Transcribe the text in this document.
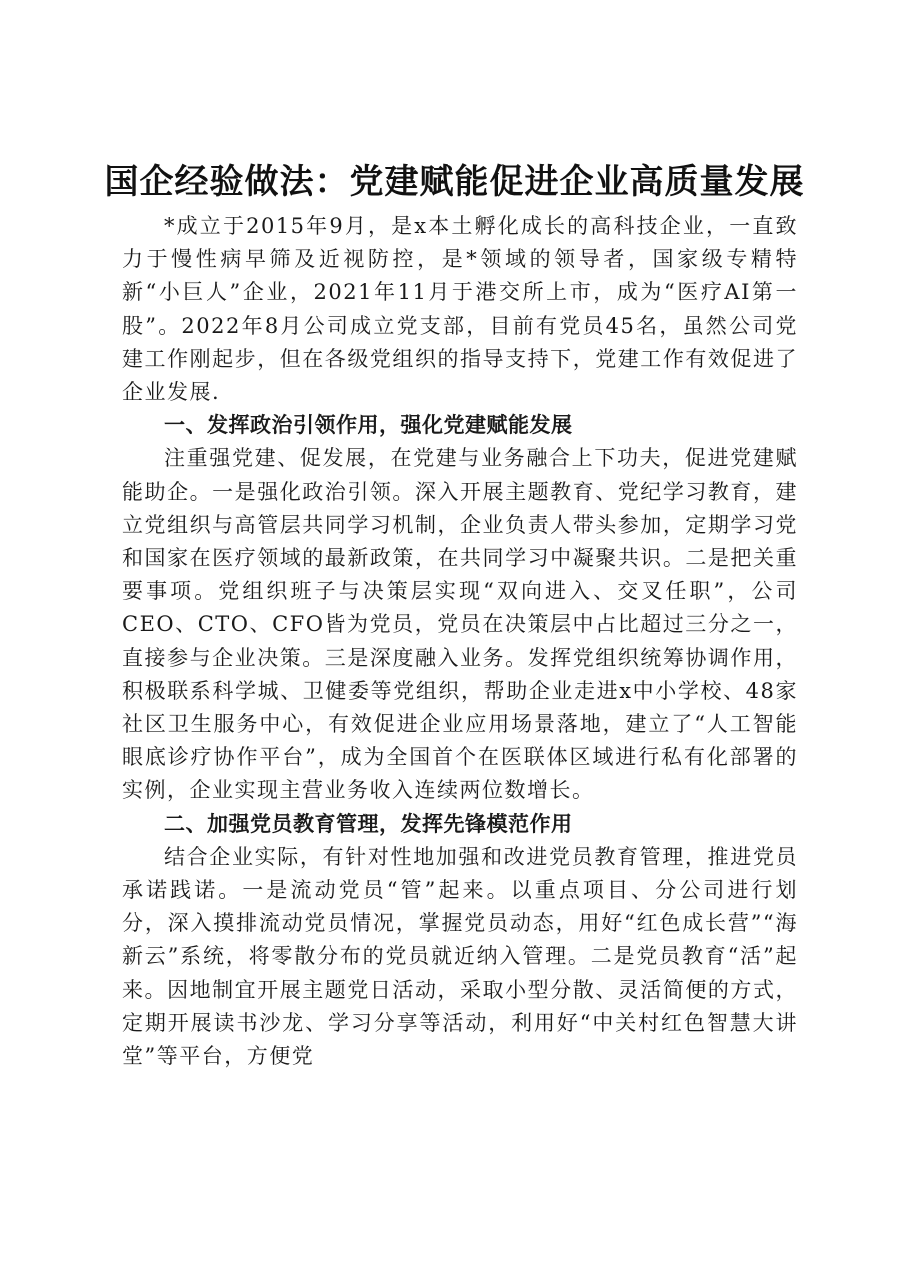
国企经验做法：党建赋能促进企业高质量发展

*成立于2015年9月，是x本土孵化成长的高科技企业，一直致力于慢性病早筛及近视防控，是*领域的领导者，国家级专精特新“小巨人”企业，2021年11月于港交所上市，成为“医疗AI第一股”。2022年8月公司成立党支部，目前有党员45名，虽然公司党建工作刚起步，但在各级党组织的指导支持下，党建工作有效促进了企业发展.

一、发挥政治引领作用，强化党建赋能发展

注重强党建、促发展，在党建与业务融合上下功夫，促进党建赋能助企。一是强化政治引领。深入开展主题教育、党纪学习教育，建立党组织与高管层共同学习机制，企业负责人带头参加，定期学习党和国家在医疗领域的最新政策，在共同学习中凝聚共识。二是把关重要事项。党组织班子与决策层实现“双向进入、交叉任职”，公司CEO、CTO、CFO皆为党员，党员在决策层中占比超过三分之一，直接参与企业决策。三是深度融入业务。发挥党组织统筹协调作用，积极联系科学城、卫健委等党组织，帮助企业走进x中小学校、48家社区卫生服务中心，有效促进企业应用场景落地，建立了“人工智能眼底诊疗协作平台”，成为全国首个在医联体区域进行私有化部署的实例，企业实现主营业务收入连续两位数增长。

二、加强党员教育管理，发挥先锋模范作用

结合企业实际，有针对性地加强和改进党员教育管理，推进党员承诺践诺。一是流动党员“管”起来。以重点项目、分公司进行划分，深入摸排流动党员情况，掌握党员动态，用好“红色成长营”“海新云”系统，将零散分布的党员就近纳入管理。二是党员教育“活”起来。因地制宜开展主题党日活动，采取小型分散、灵活简便的方式，定期开展读书沙龙、学习分享等活动，利用好“中关村红色智慧大讲堂”等平台，方便党
